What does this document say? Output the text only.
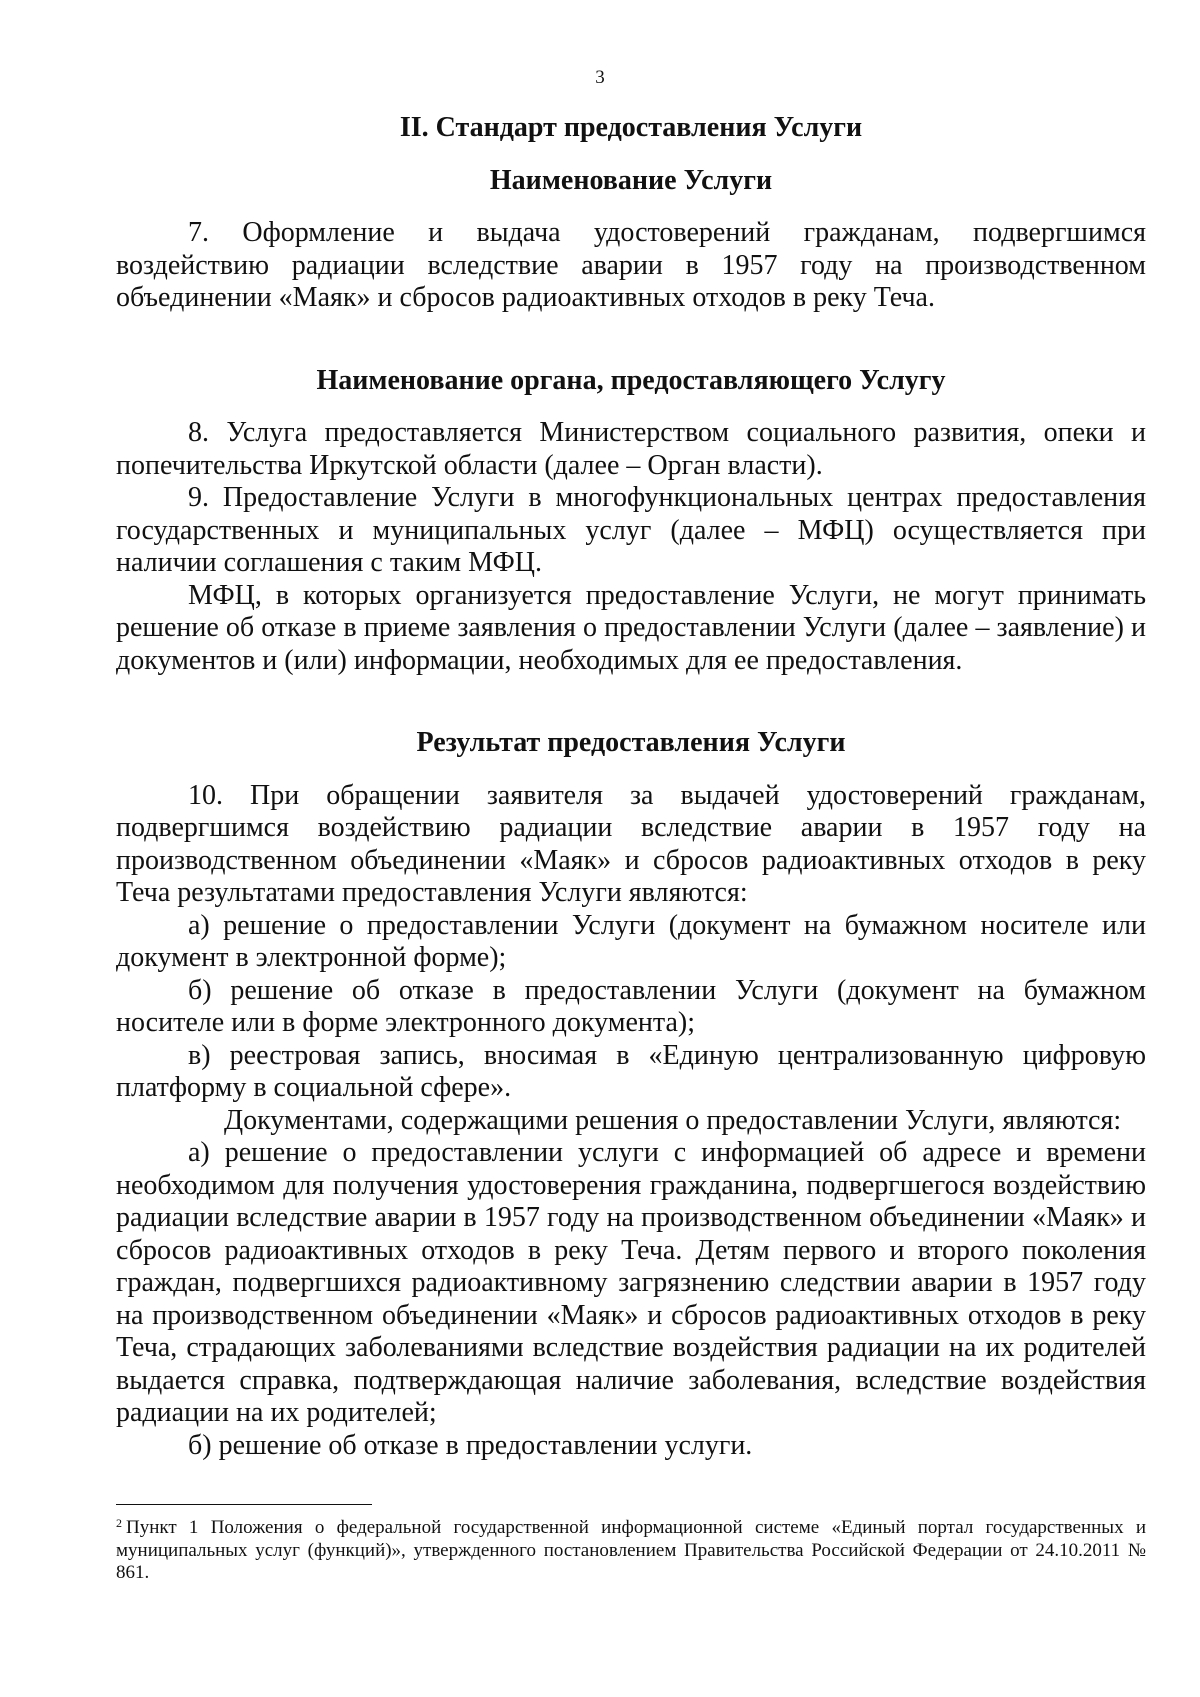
3
II. Стандарт предоставления Услуги
Наименование Услуги

7. Оформление и выдача удостоверений гражданам, подвергшимся воздействию радиации вследствие аварии в 1957 году на производственном объединении «Маяк» и сбросов радиоактивных отходов в реку Теча.

Наименование органа, предоставляющего Услугу

8. Услуга предоставляется Министерством социального развития, опеки и попечительства Иркутской области (далее – Орган власти).

9. Предоставление Услуги в многофункциональных центрах предоставления государственных и муниципальных услуг (далее – МФЦ) осуществляется при наличии соглашения с таким МФЦ.

МФЦ, в которых организуется предоставление Услуги, не могут принимать решение об отказе в приеме заявления о предоставлении Услуги (далее – заявление) и документов и (или) информации, необходимых для ее предоставления.

Результат предоставления Услуги

10. При обращении заявителя за выдачей удостоверений гражданам, подвергшимся воздействию радиации вследствие аварии в 1957 году на производственном объединении «Маяк» и сбросов радиоактивных отходов в реку Теча результатами предоставления Услуги являются:

а) решение о предоставлении Услуги (документ на бумажном носителе или документ в электронной форме);

б) решение об отказе в предоставлении Услуги (документ на бумажном носителе или в форме электронного документа);

в) реестровая запись, вносимая в «Единую централизованную цифровую платформу в социальной сфере».

Документами, содержащими решения о предоставлении Услуги, являются:

а) решение о предоставлении услуги с информацией об адресе и времени необходимом для получения удостоверения гражданина, подвергшегося воздействию радиации вследствие аварии в 1957 году на производственном объединении «Маяк» и сбросов радиоактивных отходов в реку Теча. Детям первого и второго поколения граждан, подвергшихся радиоактивному загрязнению следствии аварии в 1957 году на производственном объединении «Маяк» и сбросов радиоактивных отходов в реку Теча, страдающих заболеваниями вследствие воздействия радиации на их родителей выдается справка, подтверждающая наличие заболевания, вследствие воздействия радиации на их родителей;

б) решение об отказе в предоставлении услуги.

$^2$ Пункт 1 Положения о федеральной государственной информационной системе «Единый портал государственных и муниципальных услуг (функций)», утвержденного постановлением Правительства Российской Федерации от 24.10.2011 № 861.
